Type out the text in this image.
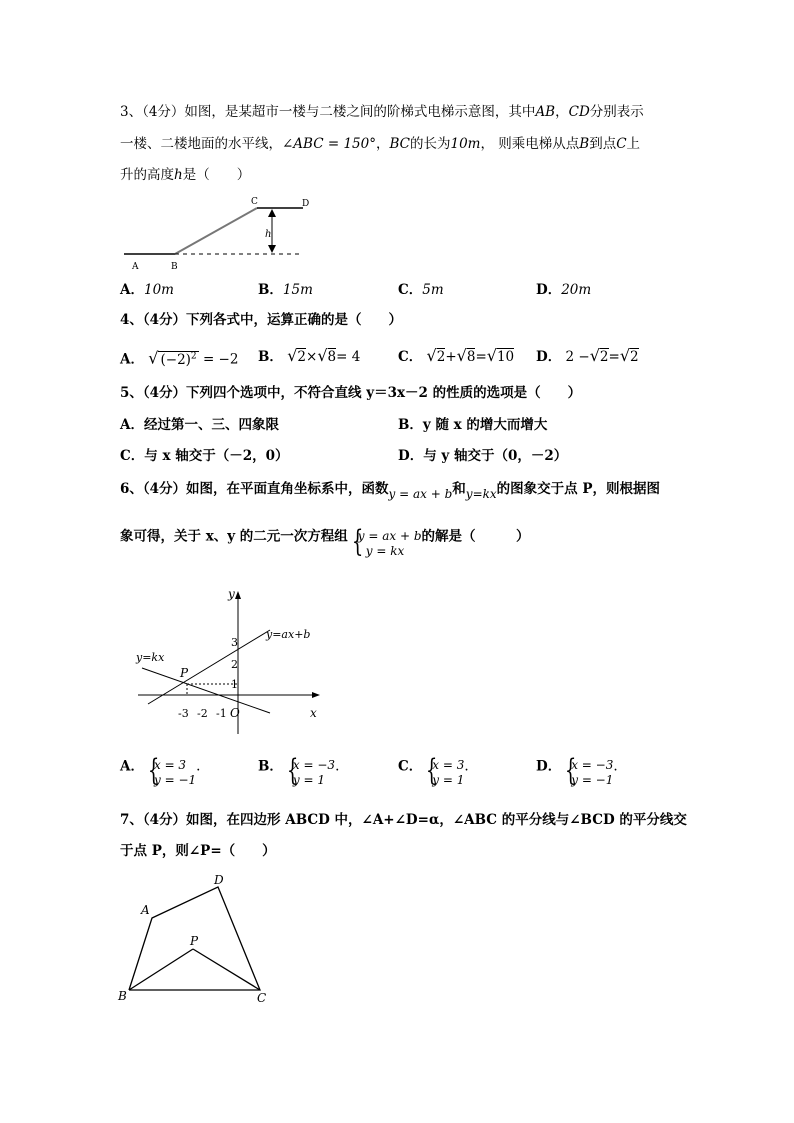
3、（4分）如图，是某超市一楼与二楼之间的阶梯式电梯示意图，其中AB，CD分别表示
一楼、二楼地面的水平线，∠ABC = 150°，BC的长为10m， 则乘电梯从点B到点C上
升的高度h是（　　）
A	B
C	D
h
A．10m	B．15m	C．5m	D．20m
4、（4分）下列各式中，运算正确的是（　　）
A． √ $(-2)^2 = -2$ B． √2×√8= 4	C． √2+√8=√10 D． 2 −√2=√2
5、（4分）下列四个选项中，不符合直线 y＝3x－2 的性质的选项是（　　）
A．经过第一、三、四象限	B．y 随 x 的增大而增大
C．与 x 轴交于（－2，0）	D．与 y 轴交于（0，－2）
6、（4分）如图，在平面直角坐标系中，函数y = ax + b和y=kx的图象交于点 P，则根据图
象可得，关于 x、y 的二元一次方程组 {
y = ax + b
y = kx
的解是（　　　）
y
x
O
3
2
1
-3 -2 -1
y=ax+b
y=kx
P
A． {
x = 3
y = −1
.	B． {
x = −3
y = 1
.	C． {
x = 3
y = 1
.	D． {
x = −3
y = −1
.
7、（4分）如图，在四边形 ABCD 中，∠A+∠D=α，∠ABC 的平分线与∠BCD 的平分线交
于点 P，则∠P=（　　）
A
B	C
D
P
